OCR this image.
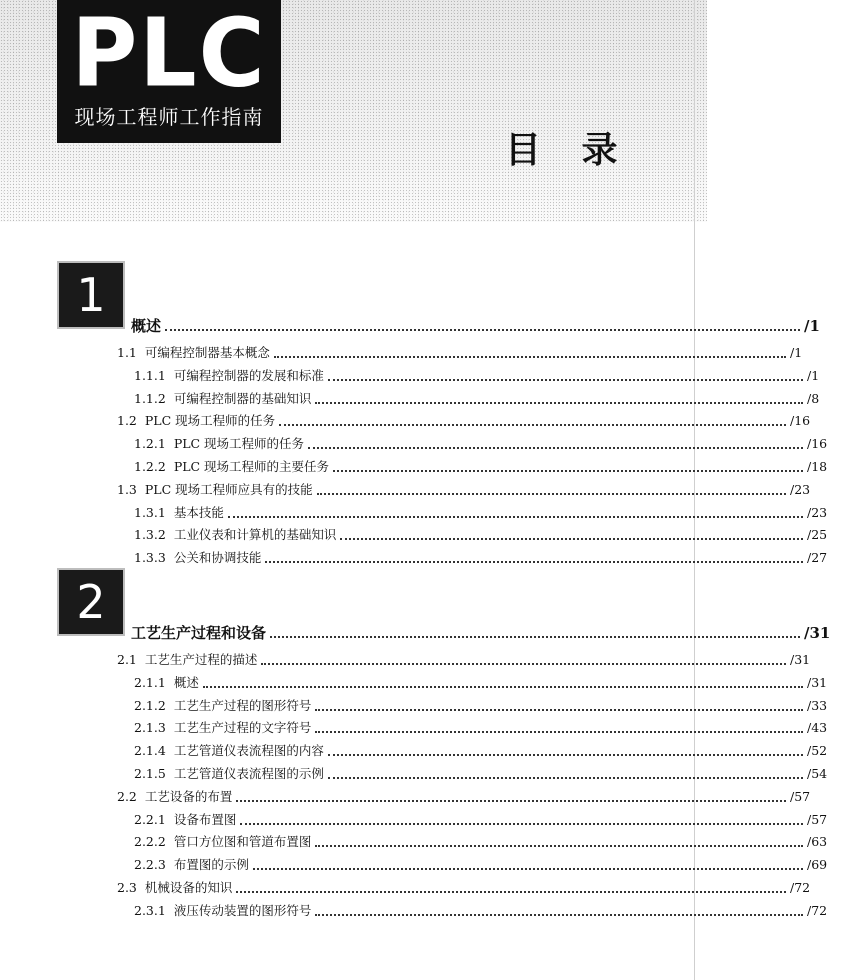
PLC
现场工程师工作指南
目 录
1
概述	/1
1.1 可编程控制器基本概念	/1
1.1.1 可编程控制器的发展和标准	/1
1.1.2 可编程控制器的基础知识	/8
1.2 PLC 现场工程师的任务	/16
1.2.1 PLC 现场工程师的任务	/16
1.2.2 PLC 现场工程师的主要任务	/18
1.3 PLC 现场工程师应具有的技能	/23
1.3.1 基本技能	/23
1.3.2 工业仪表和计算机的基础知识	/25
1.3.3 公关和协调技能	/27
工艺生产过程和设备	/31
2.1 工艺生产过程的描述	/31
2.1.1 概述	/31
2.1.2 工艺生产过程的图形符号	/33
2.1.3 工艺生产过程的文字符号	/43
2.1.4 工艺管道仪表流程图的内容	/52
2.1.5 工艺管道仪表流程图的示例	/54
2.2 工艺设备的布置	/57
2.2.1 设备布置图	/57
2.2.2 管口方位图和管道布置图	/63
2.2.3 布置图的示例	/69
2.3 机械设备的知识	/72
2.3.1 液压传动装置的图形符号	/72
2
